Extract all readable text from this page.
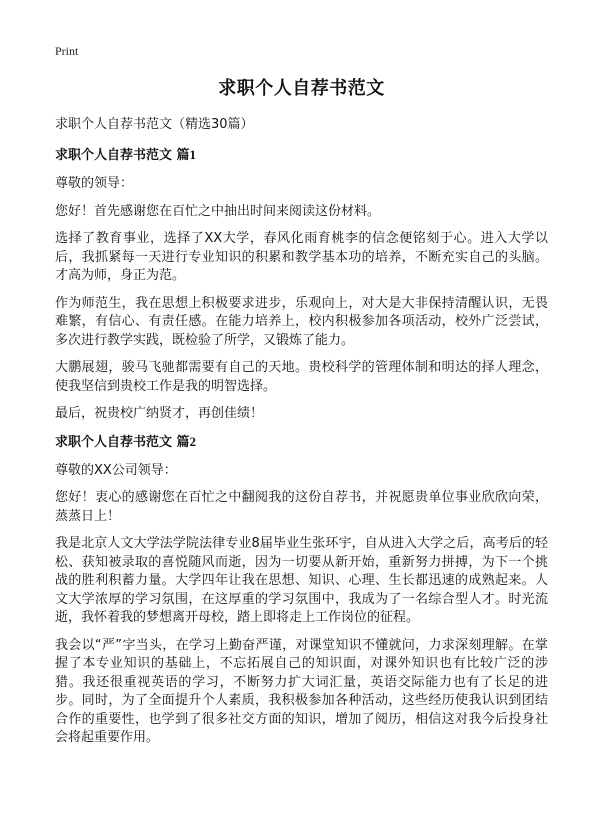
Print
求职个人自荐书范文
求职个人自荐书范文（精选30篇）
求职个人自荐书范文 篇1

尊敬的领导：

您好！首先感谢您在百忙之中抽出时间来阅读这份材料。

选择了教育事业，选择了XX大学，春风化雨育桃李的信念便铭刻于心。进入大学以后，我抓紧每一天进行专业知识的积累和教学基本功的培养，不断充实自己的头脑。才高为师，身正为范。

作为师范生，我在思想上积极要求进步，乐观向上，对大是大非保持清醒认识，无畏难繁，有信心、有责任感。在能力培养上，校内积极参加各项活动，校外广泛尝试，多次进行教学实践，既检验了所学，又锻炼了能力。

大鹏展翅，骏马飞驰都需要有自己的天地。贵校科学的管理体制和明达的择人理念，使我坚信到贵校工作是我的明智选择。

最后，祝贵校广纳贤才，再创佳绩！

求职个人自荐书范文 篇2

尊敬的XX公司领导：

您好！衷心的感谢您在百忙之中翻阅我的这份自荐书，并祝愿贵单位事业欣欣向荣，蒸蒸日上！

我是北京人文大学法学院法律专业8届毕业生张环宇，自从进入大学之后，高考后的轻松、获知被录取的喜悦随风而逝，因为一切要从新开始，重新努力拼搏，为下一个挑战的胜利积蓄力量。大学四年让我在思想、知识、心理、生长都迅速的成熟起来。人文大学浓厚的学习氛围，在这厚重的学习氛围中，我成为了一名综合型人才。时光流逝，我怀着我的梦想离开母校，踏上即将走上工作岗位的征程。

我会以“严”字当头，在学习上勤奋严谨，对课堂知识不懂就问，力求深刻理解。在掌握了本专业知识的基础上，不忘拓展自己的知识面，对课外知识也有比较广泛的涉猎。我还很重视英语的学习，不断努力扩大词汇量，英语交际能力也有了长足的进步。同时，为了全面提升个人素质，我积极参加各种活动，这些经历使我认识到团结合作的重要性，也学到了很多社交方面的知识，增加了阅历，相信这对我今后投身社会将起重要作用。
